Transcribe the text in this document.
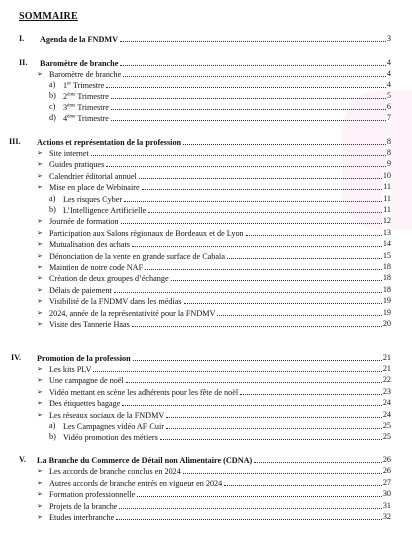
SOMMAIRE
I. Agenda de la FNDMV	3
II. Baromètre de branche	4
➢ Baromètre de branche	4
a) 1er Trimestre	4
b) 2ème Trimestre	5
c) 3ème Trimestre	6
d) 4ème Trimestre	7
III. Actions et représentation de la profession	8
➢ Site internet	8
➢ Guides pratiques	9
➢ Calendrier éditorial annuel	10
➢ Mise en place de Webinaire	11
a) Les risques Cyber	11
b) L’Intelligence Artificielle	11
➢ Journée de formation	12
➢ Participation aux Salons régionaux de Bordeaux et de Lyon	13
➢ Mutualisation des achats	14
➢ Dénonciation de la vente en grande surface de Cabaïa	15
➢ Maintien de notre code NAF	18
➢ Création de deux groupes d’échange	18
➢ Délais de paiement	18
➢ Visibilité de la FNDMV dans les médias	19
➢ 2024, année de la représentativité pour la FNDMV	19
➢ Visite des Tannerie Haas	20
IV. Promotion de la profession	21
➢ Les kits PLV	21
➢ Une campagne de noël	22
➢ Vidéo mettant en scène les adhérents pour les fête de noël	23
➢ Des étiquettes bagage	24
➢ Les réseaux sociaux de la FNDMV	24
a) Les Campagnes vidéo AF Cuir	25
b) Vidéo promotion des métiers	25
V. La Branche du Commerce de Détail non Alimentaire (CDNA)	26
➢ Les accords de branche conclus en 2024	26
➢ Autres accords de branche entrés en vigueur en 2024	27
➢ Formation professionnelle	30
➢ Projets de la branche	31
➢ Etudes interbranche	32
